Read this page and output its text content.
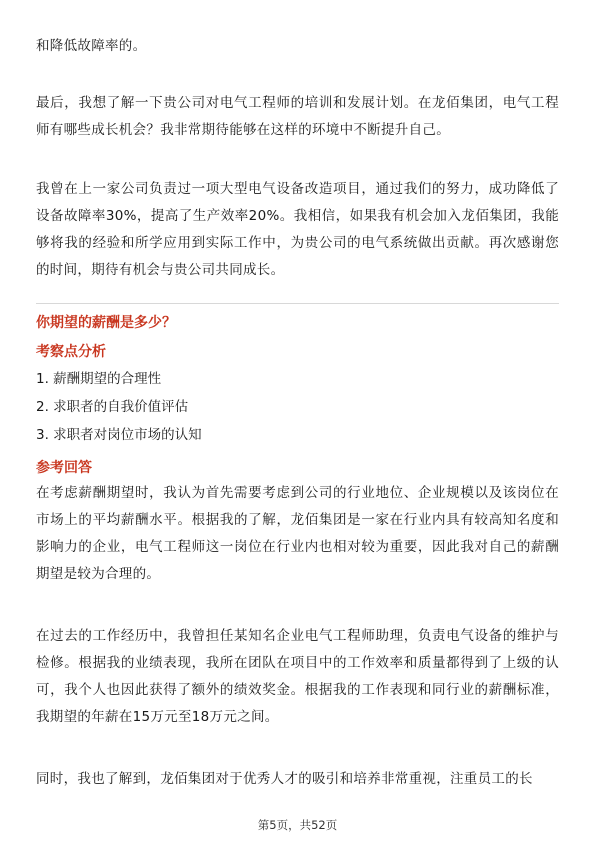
和降低故障率的。

最后，我想了解一下贵公司对电气工程师的培训和发展计划。在龙佰集团，电气工程师有哪些成长机会？我非常期待能够在这样的环境中不断提升自己。

我曾在上一家公司负责过一项大型电气设备改造项目，通过我们的努力，成功降低了设备故障率30%，提高了生产效率20%。我相信，如果我有机会加入龙佰集团，我能够将我的经验和所学应用到实际工作中，为贵公司的电气系统做出贡献。再次感谢您的时间，期待有机会与贵公司共同成长。

你期望的薪酬是多少？

考察点分析

1. 薪酬期望的合理性

2. 求职者的自我价值评估

3. 求职者对岗位市场的认知

参考回答

在考虑薪酬期望时，我认为首先需要考虑到公司的行业地位、企业规模以及该岗位在市场上的平均薪酬水平。根据我的了解，龙佰集团是一家在行业内具有较高知名度和影响力的企业，电气工程师这一岗位在行业内也相对较为重要，因此我对自己的薪酬期望是较为合理的。

在过去的工作经历中，我曾担任某知名企业电气工程师助理，负责电气设备的维护与检修。根据我的业绩表现，我所在团队在项目中的工作效率和质量都得到了上级的认可，我个人也因此获得了额外的绩效奖金。根据我的工作表现和同行业的薪酬标准，我期望的年薪在15万元至18万元之间。

同时，我也了解到，龙佰集团对于优秀人才的吸引和培养非常重视，注重员工的长

第5页，共52页
